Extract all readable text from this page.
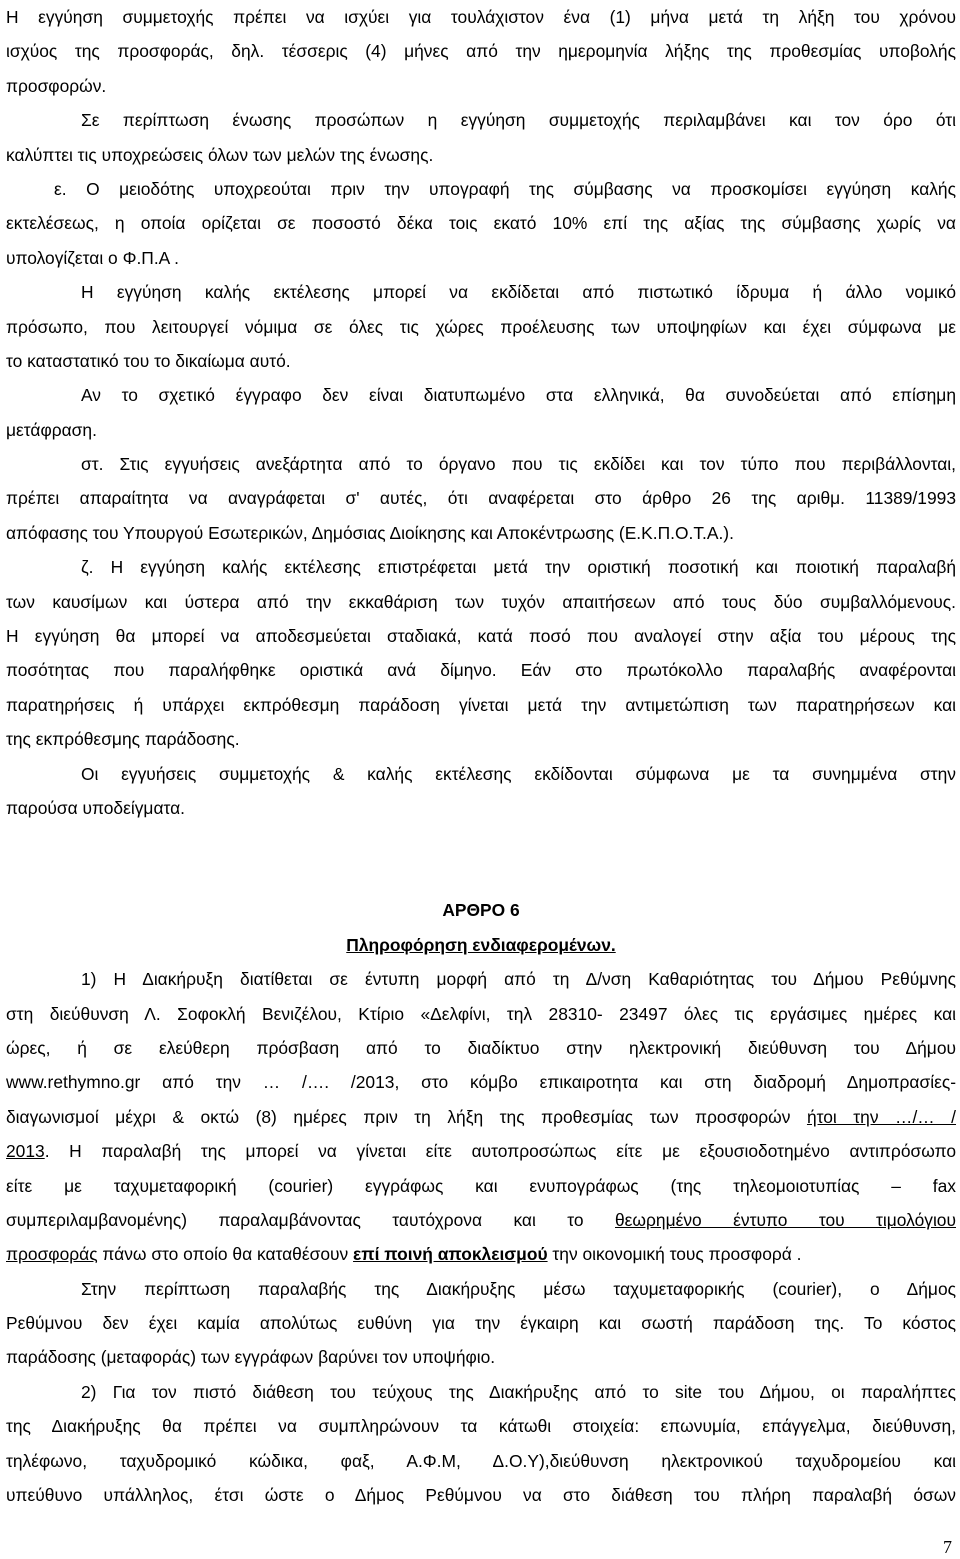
Η εγγύηση συμμετοχής πρέπει να ισχύει για τουλάχιστον ένα (1) μήνα μετά τη λήξη του χρόνου
ισχύος της προσφοράς, δηλ. τέσσερις (4) μήνες από την ημερομηνία λήξης της προθεσμίας υποβολής
προσφορών.
Σε περίπτωση ένωσης προσώπων η εγγύηση συμμετοχής περιλαμβάνει και τον όρο ότι
καλύπτει τις υποχρεώσεις όλων των μελών της ένωσης.
ε. Ο μειοδότης υποχρεούται πριν την υπογραφή της σύμβασης να προσκομίσει εγγύηση καλής
εκτελέσεως, η οποία ορίζεται σε ποσοστό δέκα τοις εκατό 10% επί της αξίας της σύμβασης χωρίς να
υπολογίζεται ο Φ.Π.Α .
Η εγγύηση καλής εκτέλεσης μπορεί να εκδίδεται από πιστωτικό ίδρυμα ή άλλο νομικό
πρόσωπο, που λειτουργεί νόμιμα σε όλες τις χώρες προέλευσης των υποψηφίων και έχει σύμφωνα με
το καταστατικό του το δικαίωμα αυτό.
Αν το σχετικό έγγραφο δεν είναι διατυπωμένο στα ελληνικά, θα συνοδεύεται από επίσημη
μετάφραση.
στ. Στις εγγυήσεις ανεξάρτητα από το όργανο που τις εκδίδει και τον τύπο που περιβάλλονται,
πρέπει απαραίτητα να αναγράφεται σ' αυτές, ότι αναφέρεται στο άρθρο 26 της αριθμ. 11389/1993
απόφασης του Υπουργού Εσωτερικών, Δημόσιας Διοίκησης και Αποκέντρωσης (Ε.Κ.Π.Ο.Τ.Α.).
ζ. Η εγγύηση καλής εκτέλεσης επιστρέφεται μετά την οριστική ποσοτική και ποιοτική παραλαβή
των καυσίμων και ύστερα από την εκκαθάριση των τυχόν απαιτήσεων από τους δύο συμβαλλόμενους.
Η εγγύηση θα μπορεί να αποδεσμεύεται σταδιακά, κατά ποσό που αναλογεί στην αξία του μέρους της
ποσότητας που παραλήφθηκε οριστικά ανά δίμηνο. Εάν στο πρωτόκολλο παραλαβής αναφέρονται
παρατηρήσεις ή υπάρχει εκπρόθεσμη παράδοση γίνεται μετά την αντιμετώπιση των παρατηρήσεων και
της εκπρόθεσμης παράδοσης.
Οι εγγυήσεις συμμετοχής & καλής εκτέλεσης εκδίδονται σύμφωνα με τα συνημμένα στην
παρούσα υποδείγματα.
ΑΡΘΡΟ 6
Πληροφόρηση ενδιαφερομένων.
1) Η Διακήρυξη διατίθεται σε έντυπη μορφή από τη Δ/νση Καθαριότητας του Δήμου Ρεθύμνης
στη διεύθυνση Λ. Σοφοκλή Βενιζέλου, Κτίριο «Δελφίνι, τηλ 28310- 23497 όλες τις εργάσιμες ημέρες και
ώρες, ή σε ελεύθερη πρόσβαση από το διαδίκτυο στην ηλεκτρονική διεύθυνση του Δήμου
www.rethymno.gr από την … /…. /2013, στο κόμβο επικαιροτητα και στη διαδρομή Δημοπρασίες-
διαγωνισμοί μέχρι & οκτώ (8) ημέρες πριν τη λήξη της προθεσμίας των προσφορών ήτοι την …/… /
2013. Η παραλαβή της μπορεί να γίνεται είτε αυτοπροσώπως είτε με εξουσιοδοτημένο αντιπρόσωπο
είτε με ταχυμεταφορική (courier) εγγράφως και ενυπογράφως (της τηλεομοιοτυπίας – fax
συμπεριλαμβανομένης) παραλαμβάνοντας ταυτόχρονα και το θεωρημένο έντυπο του τιμολόγιου
προσφοράς πάνω στο οποίο θα καταθέσουν επί ποινή αποκλεισμού την οικονομική τους προσφορά .
Στην περίπτωση παραλαβής της Διακήρυξης μέσω ταχυμεταφορικής (courier), ο Δήμος
Ρεθύμνου δεν έχει καμία απολύτως ευθύνη για την έγκαιρη και σωστή παράδοση της. Το κόστος
παράδοσης (μεταφοράς) των εγγράφων βαρύνει τον υποψήφιο.
2) Για τον πιστό διάθεση του τεύχους της Διακήρυξης από το site του Δήμου, οι παραλήπτες
της Διακήρυξης θα πρέπει να συμπληρώνουν τα κάτωθι στοιχεία: επωνυμία, επάγγελμα, διεύθυνση,
τηλέφωνο, ταχυδρομικό κώδικα, φαξ, Α.Φ.Μ, Δ.Ο.Υ),διεύθυνση ηλεκτρονικού ταχυδρομείου και
υπεύθυνο υπάλληλος, έτσι ώστε ο Δήμος Ρεθύμνου να στο διάθεση του πλήρη παραλαβή όσων
7
